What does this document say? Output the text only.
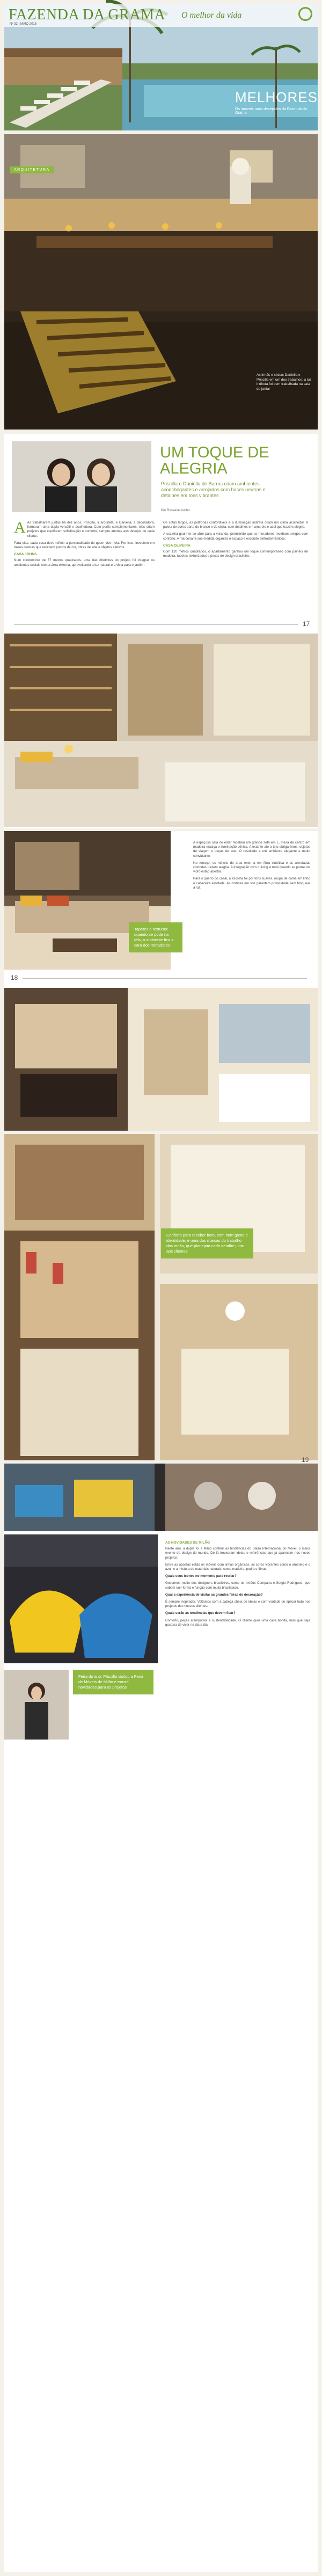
FAZENDA DA GRAMA O melhor da vida
Nº 32 | MAIO 2015
MELHORES
Os imóveis mais desejados da Fazenda da Grama
ARQUITETURA
As irmãs e sócias Daniella e Priscilla em um dos trabalhos: a luz indireta foi bem trabalhada na sala de jantar
UM TOQUE DE ALEGRIA
Priscilla e Daniella de Barros criam ambientes aconchegantes e arrojados com bases neutras e detalhes em tons vibrantes
Por Roseane Aubler

A As trabalharem juntas há dez anos, Priscilla, a arquiteta, e Daniella, a decoradora, formaram uma dupla versátil e acolhedora. Com perfis complementares, elas criam projetos que equilibram sofisticação e conforto, sempre atentas aos desejos de cada cliente.

Para elas, cada casa deve refletir a personalidade de quem vive nela. Por isso, investem em bases neutras que recebem pontos de cor, obras de arte e objetos afetivos.

CASA JOHNS

Num condomínio de 37 metros quadrados, uma das diretrizes do projeto foi integrar os ambientes sociais com a área externa, aproveitando a luz natural e a vista para o jardim.

Os sofás largos, as poltronas confortáveis e a iluminação indireta criam um clima acolhedor. A paleta de cores parte do branco e do cinza, com detalhes em amarelo e azul que trazem alegria.

A cozinha gourmet se abre para a varanda, permitindo que os moradores recebam amigos com conforto. A marcenaria sob medida organiza o espaço e esconde eletrodomésticos.

CASA OLIVEIRA

Com 120 metros quadrados, o apartamento ganhou um toque contemporâneo com painéis de madeira, tapetes texturizados e peças de design brasileiro.

17
Tapetes e texturas: quando se pode na tela, o ambiente fica a cara dos moradores

A espaçosa sala de estar recebeu um grande sofá em L, mesa de centro em madeira maciça e iluminação cênica. A estante até o teto abriga livros, objetos de viagem e peças de arte. O resultado é um ambiente elegante e muito convidativo.

No terraço, os móveis de área externa em fibra sintética e as almofadas coloridas trazem alegria. A integração com o living é total quando as portas de vidro estão abertas.

Para o quarto do casal, a escolha foi por tons suaves, roupa de cama em linho e cabeceira estofada. As cortinas em voil garantem privacidade sem bloquear a luz.

18
Conforto para receber bem, com bom gosto e identidade, é uma das marcas do trabalho das irmãs, que planejam cada detalhe junto aos clientes
19
AS NOVIDADES DE MILÃO

Neste ano, a dupla foi a Milão conferir as tendências do Salão Internacional do Móvel, o maior evento de design do mundo. De lá trouxeram ideias e referências que já aparecem nos novos projetos.

Entre as apostas estão os móveis com linhas orgânicas, as cores vibrantes como o amarelo e o azul, e a mistura de materiais naturais, como madeira, pedra e fibras.

Quais seus ícones no momento para recriar?

Gostamos muito dos designers brasileiros, como os irmãos Campana e Sergio Rodrigues, que sabem unir forma e função com muita brasilidade.

Qual a experiência de visitar as grandes feiras de decoração?

É sempre inspirador. Voltamos com a cabeça cheia de ideias e com vontade de aplicar tudo nos projetos dos nossos clientes.

Quais serão as tendências que devem ficar?

Conforto, peças atemporais e sustentabilidade. O cliente quer uma casa bonita, mas que seja gostosa de viver no dia a dia.

Feira do ano: Priscilla visitou a Feira de Móveis de Milão e trouxe novidades para os projetos
